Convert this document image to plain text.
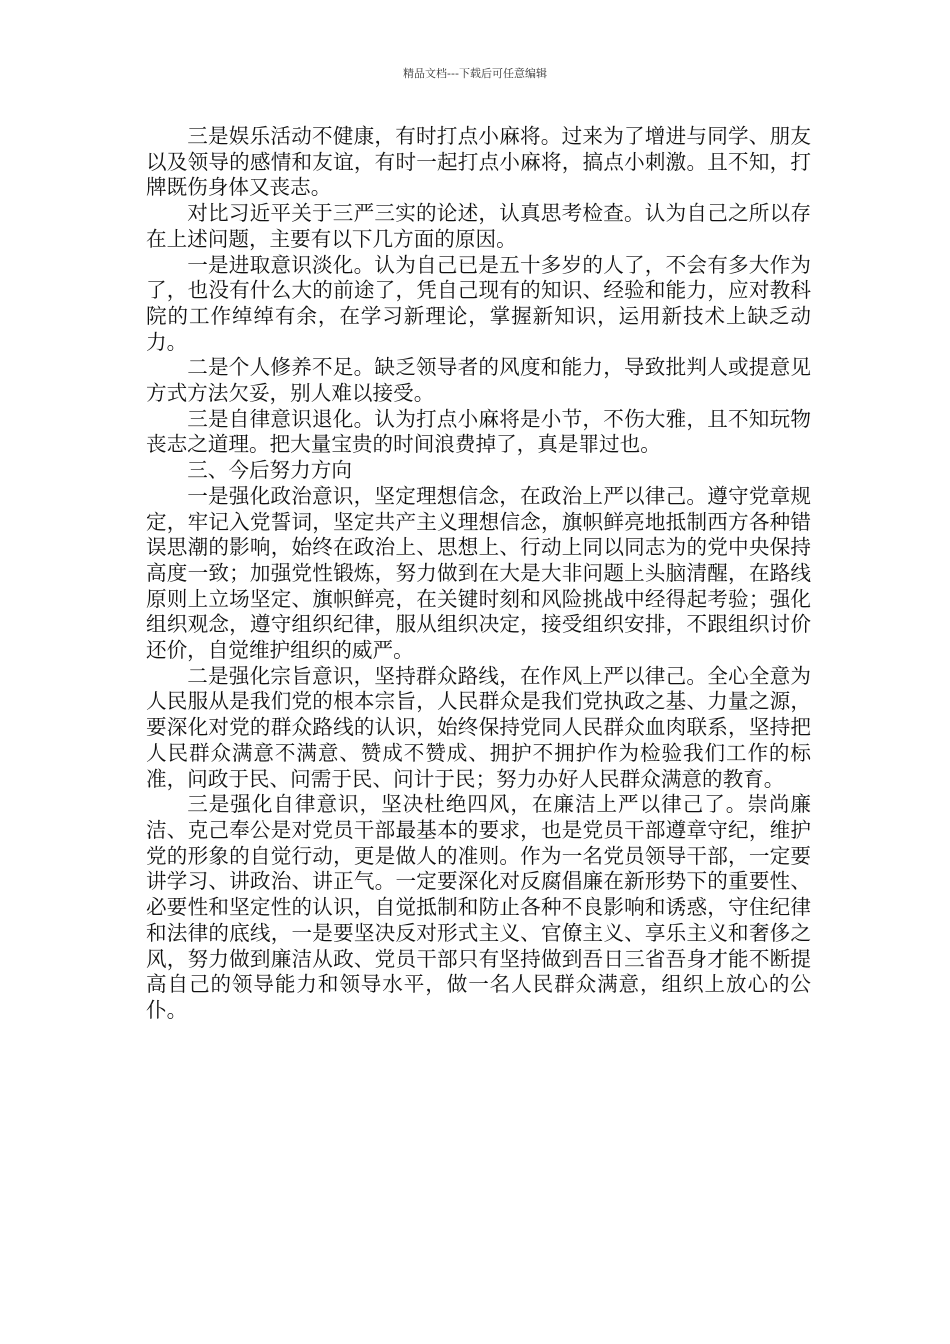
精品文档---下载后可任意编辑

三是娱乐活动不健康，有时打点小麻将。过来为了增进与同学、朋友以及领导的感情和友谊，有时一起打点小麻将，搞点小刺激。且不知，打牌既伤身体又丧志。

对比习近平关于三严三实的论述，认真思考检查。认为自己之所以存在上述问题，主要有以下几方面的原因。

一是进取意识淡化。认为自己已是五十多岁的人了，不会有多大作为了，也没有什么大的前途了，凭自己现有的知识、经验和能力，应对教科院的工作绰绰有余，在学习新理论，掌握新知识，运用新技术上缺乏动力。

二是个人修养不足。缺乏领导者的风度和能力，导致批判人或提意见方式方法欠妥，别人难以接受。

三是自律意识退化。认为打点小麻将是小节，不伤大雅，且不知玩物丧志之道理。把大量宝贵的时间浪费掉了，真是罪过也。

三、今后努力方向

一是强化政治意识，坚定理想信念，在政治上严以律己。遵守党章规定，牢记入党誓词，坚定共产主义理想信念，旗帜鲜亮地抵制西方各种错误思潮的影响，始终在政治上、思想上、行动上同以同志为的党中央保持高度一致；加强党性锻炼，努力做到在大是大非问题上头脑清醒，在路线原则上立场坚定、旗帜鲜亮，在关键时刻和风险挑战中经得起考验；强化组织观念，遵守组织纪律，服从组织决定，接受组织安排，不跟组织讨价还价，自觉维护组织的威严。

二是强化宗旨意识，坚持群众路线，在作风上严以律己。全心全意为人民服从是我们党的根本宗旨，人民群众是我们党执政之基、力量之源，要深化对党的群众路线的认识，始终保持党同人民群众血肉联系，坚持把人民群众满意不满意、赞成不赞成、拥护不拥护作为检验我们工作的标准，问政于民、问需于民、问计于民；努力办好人民群众满意的教育。

三是强化自律意识，坚决杜绝四风，在廉洁上严以律己了。崇尚廉洁、克己奉公是对党员干部最基本的要求，也是党员干部遵章守纪，维护党的形象的自觉行动，更是做人的准则。作为一名党员领导干部，一定要讲学习、讲政治、讲正气。一定要深化对反腐倡廉在新形势下的重要性、必要性和坚定性的认识，自觉抵制和防止各种不良影响和诱惑，守住纪律和法律的底线，一是要坚决反对形式主义、官僚主义、享乐主义和奢侈之风，努力做到廉洁从政、党员干部只有坚持做到吾日三省吾身才能不断提高自己的领导能力和领导水平，做一名人民群众满意，组织上放心的公仆。
